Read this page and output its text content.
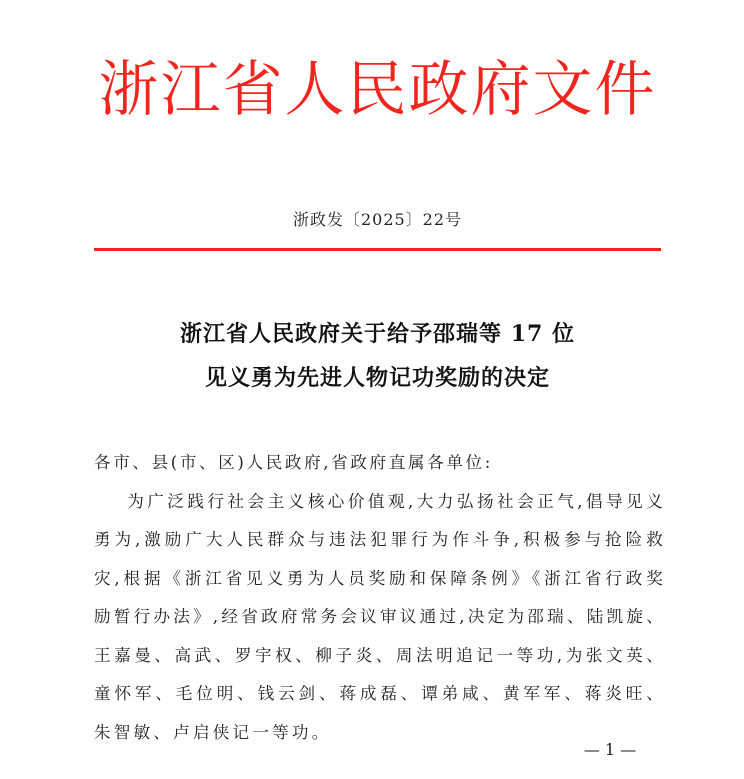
浙江省人民政府文件
浙政发〔2025〕22号
浙江省人民政府关于给予邵瑞等 17 位
见义勇为先进人物记功奖励的决定
各市、县(市、区)人民政府,省政府直属各单位:
为广泛践行社会主义核心价值观,大力弘扬社会正气,倡导见义勇为,激励广大人民群众与违法犯罪行为作斗争,积极参与抢险救灾,根据《浙江省见义勇为人员奖励和保障条例》《浙江省行政奖励暂行办法》,经省政府常务会议审议通过,决定为邵瑞、陆凯旋、王嘉曼、高武、罗宇权、柳子炎、周法明追记一等功,为张文英、童怀军、毛位明、钱云剑、蒋成磊、谭弟咸、黄军军、蒋炎旺、朱智敏、卢启侠记一等功。
— 1 —
